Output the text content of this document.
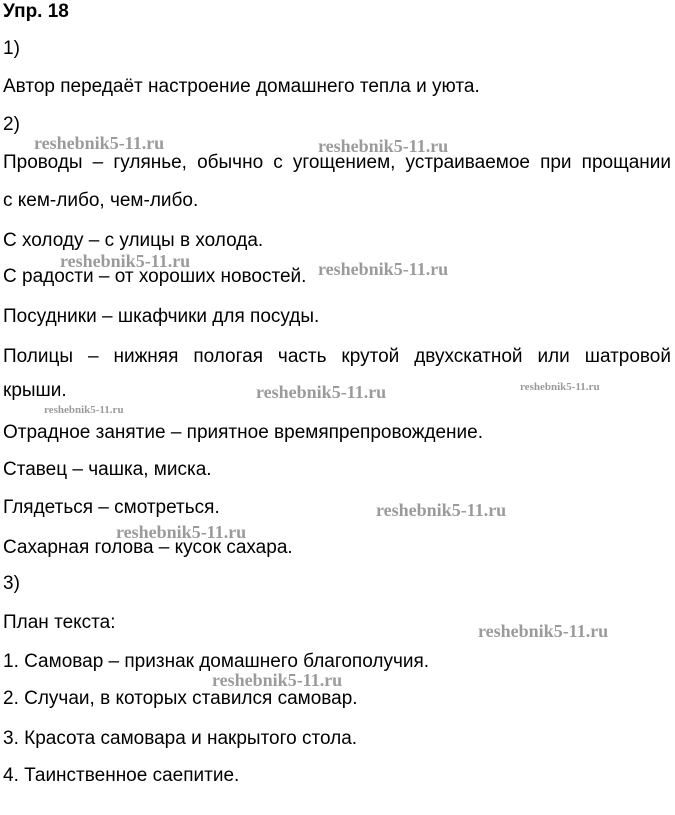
Упр. 18
1)
Автор передаёт настроение домашнего тепла и уюта.
2)
Проводы – гулянье, обычно с угощением, устраиваемое при прощании
с кем-либо, чем-либо.
С холоду – с улицы в холода.
С радости – от хороших новостей.
Посудники – шкафчики для посуды.
Полицы – нижняя пологая часть крутой двухскатной или шатровой
крыши.
Отрадное занятие – приятное времяпрепровождение.
Ставец – чашка, миска.
Глядеться – смотреться.
Сахарная голова – кусок сахара.
3)
План текста:
1. Самовар – признак домашнего благополучия.
2. Случаи, в которых ставился самовар.
3. Красота самовара и накрытого стола.
4. Таинственное саепитие.
reshebnik5-11.ru	reshebnik5-11.ru
reshebnik5-11.ru	reshebnik5-11.ru
reshebnik5-11.ru	reshebnik5-11.ru
reshebnik5-11.ru
reshebnik5-11.ru
reshebnik5-11.ru
reshebnik5-11.ru
reshebnik5-11.ru
